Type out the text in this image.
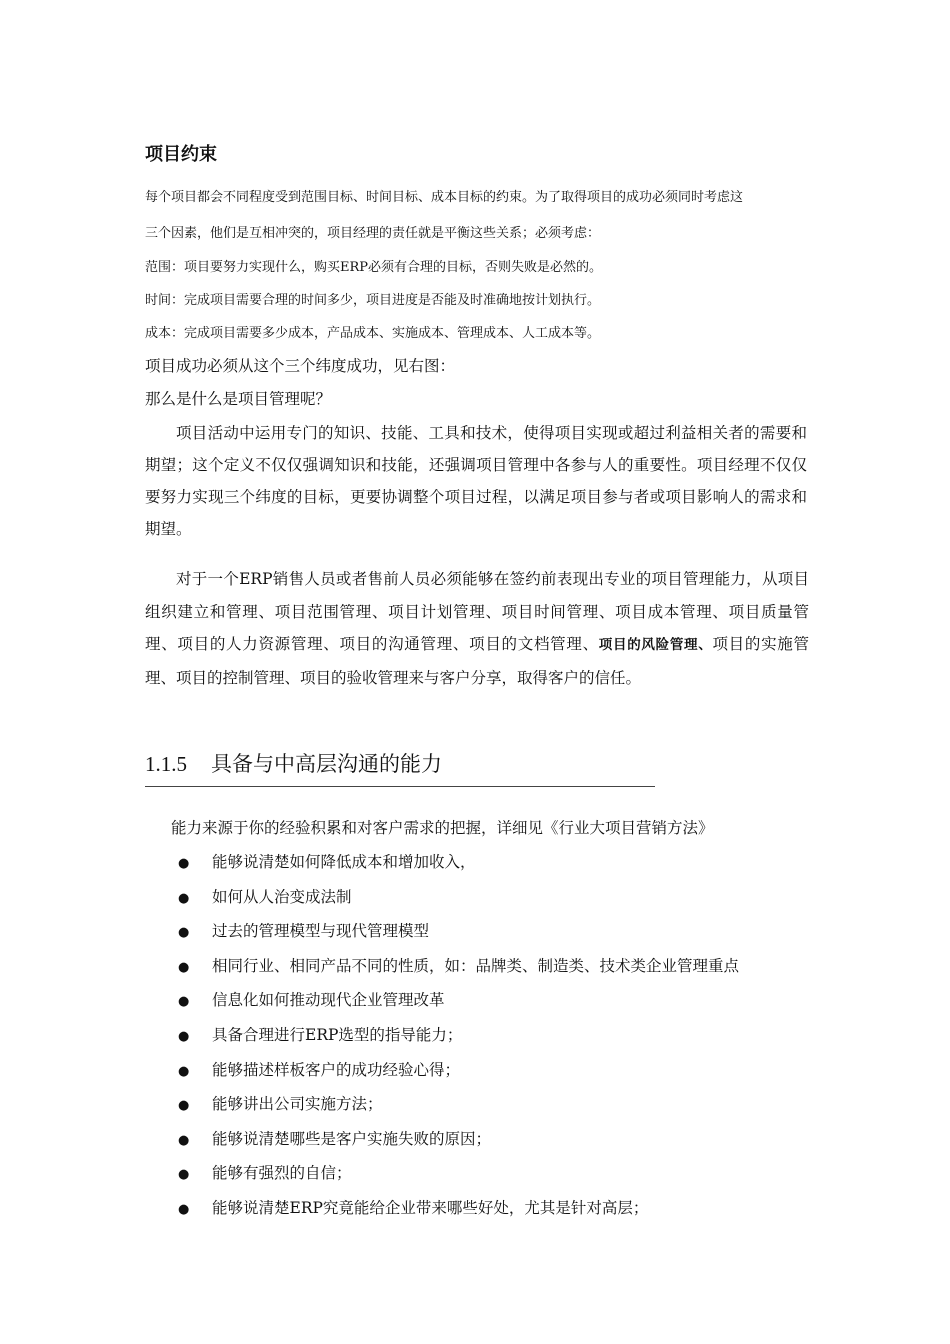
项目约束
每个项目都会不同程度受到范围目标、时间目标、成本目标的约束。为了取得项目的成功必须同时考虑这
三个因素，他们是互相冲突的，项目经理的责任就是平衡这些关系；必须考虑：
范围：项目要努力实现什么，购买ERP必须有合理的目标，否则失败是必然的。
时间：完成项目需要合理的时间多少，项目进度是否能及时准确地按计划执行。
成本：完成项目需要多少成本，产品成本、实施成本、管理成本、人工成本等。
项目成功必须从这个三个纬度成功，见右图：
那么是什么是项目管理呢？
项目活动中运用专门的知识、技能、工具和技术，使得项目实现或超过利益相关者的需要和期望；这个定义不仅仅强调知识和技能，还强调项目管理中各参与人的重要性。项目经理不仅仅要努力实现三个纬度的目标，更要协调整个项目过程，以满足项目参与者或项目影响人的需求和期望。
对于一个ERP销售人员或者售前人员必须能够在签约前表现出专业的项目管理能力，从项目组织建立和管理、项目范围管理、项目计划管理、项目时间管理、项目成本管理、项目质量管理、项目的人力资源管理、项目的沟通管理、项目的文档管理、项目的风险管理、项目的实施管理、项目的控制管理、项目的验收管理来与客户分享，取得客户的信任。
1.1.5 具备与中高层沟通的能力
能力来源于你的经验积累和对客户需求的把握，详细见《行业大项目营销方法》
● 能够说清楚如何降低成本和增加收入，
● 如何从人治变成法制
● 过去的管理模型与现代管理模型
● 相同行业、相同产品不同的性质，如：品牌类、制造类、技术类企业管理重点
● 信息化如何推动现代企业管理改革
● 具备合理进行ERP选型的指导能力；
● 能够描述样板客户的成功经验心得；
● 能够讲出公司实施方法；
● 能够说清楚哪些是客户实施失败的原因；
● 能够有强烈的自信；
● 能够说清楚ERP究竟能给企业带来哪些好处，尤其是针对高层；
